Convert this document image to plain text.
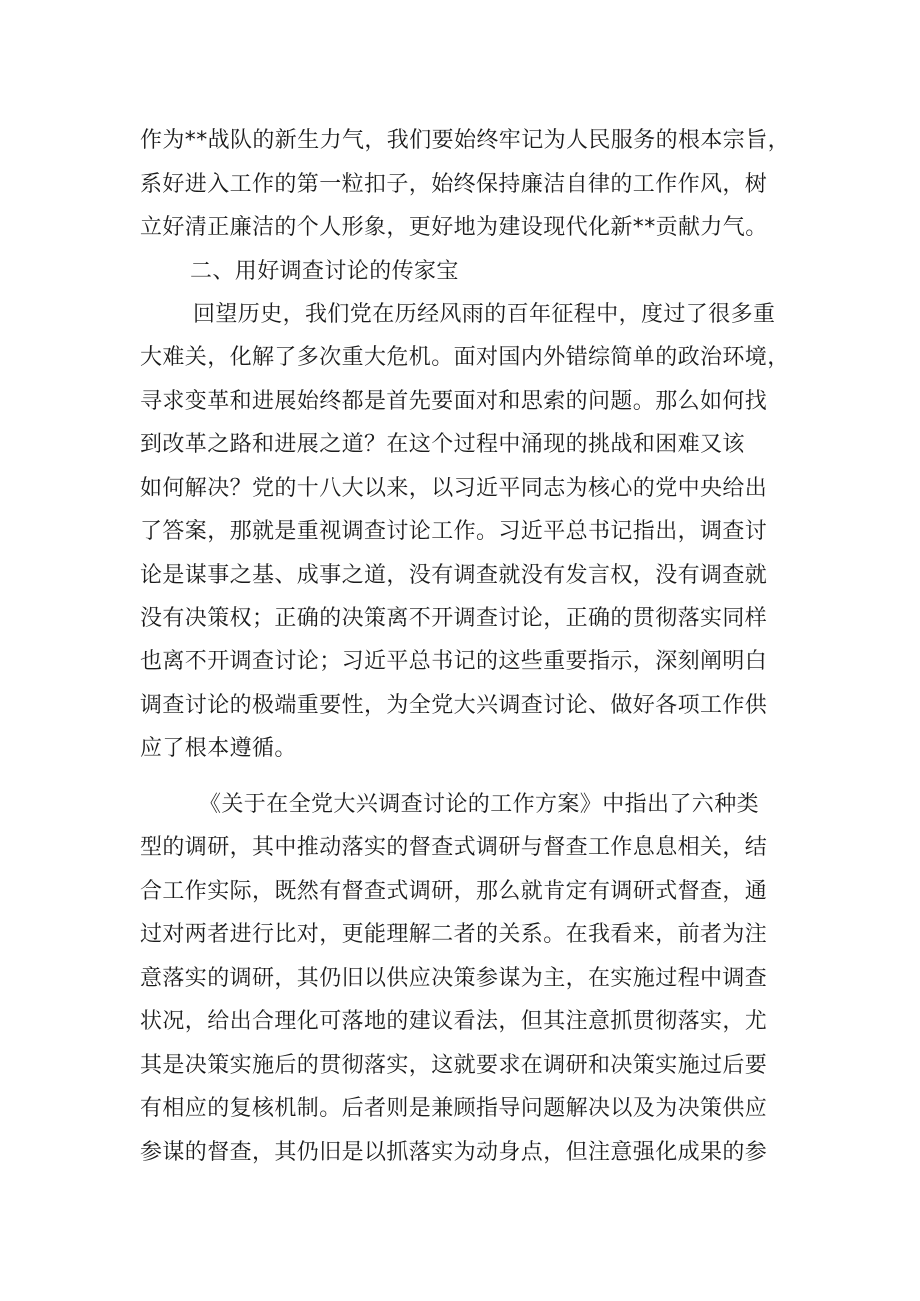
作为**战队的新生力气，我们要始终牢记为人民服务的根本宗旨，
系好进入工作的第一粒扣子，始终保持廉洁自律的工作作风，树
立好清正廉洁的个人形象，更好地为建设现代化新**贡献力气。
二、用好调查讨论的传家宝
回望历史，我们党在历经风雨的百年征程中，度过了很多重
大难关，化解了多次重大危机。面对国内外错综简单的政治环境，
寻求变革和进展始终都是首先要面对和思索的问题。那么如何找
到改革之路和进展之道？在这个过程中涌现的挑战和困难又该
如何解决？党的十八大以来，以习近平同志为核心的党中央给出
了答案，那就是重视调查讨论工作。习近平总书记指出，调查讨
论是谋事之基、成事之道，没有调查就没有发言权，没有调查就
没有决策权；正确的决策离不开调查讨论，正确的贯彻落实同样
也离不开调查讨论；习近平总书记的这些重要指示，深刻阐明白
调查讨论的极端重要性，为全党大兴调查讨论、做好各项工作供
应了根本遵循。
《关于在全党大兴调查讨论的工作方案》中指出了六种类
型的调研，其中推动落实的督查式调研与督查工作息息相关，结
合工作实际，既然有督查式调研，那么就肯定有调研式督查，通
过对两者进行比对，更能理解二者的关系。在我看来，前者为注
意落实的调研，其仍旧以供应决策参谋为主，在实施过程中调查
状况，给出合理化可落地的建议看法，但其注意抓贯彻落实，尤
其是决策实施后的贯彻落实，这就要求在调研和决策实施过后要
有相应的复核机制。后者则是兼顾指导问题解决以及为决策供应
参谋的督查，其仍旧是以抓落实为动身点，但注意强化成果的参
